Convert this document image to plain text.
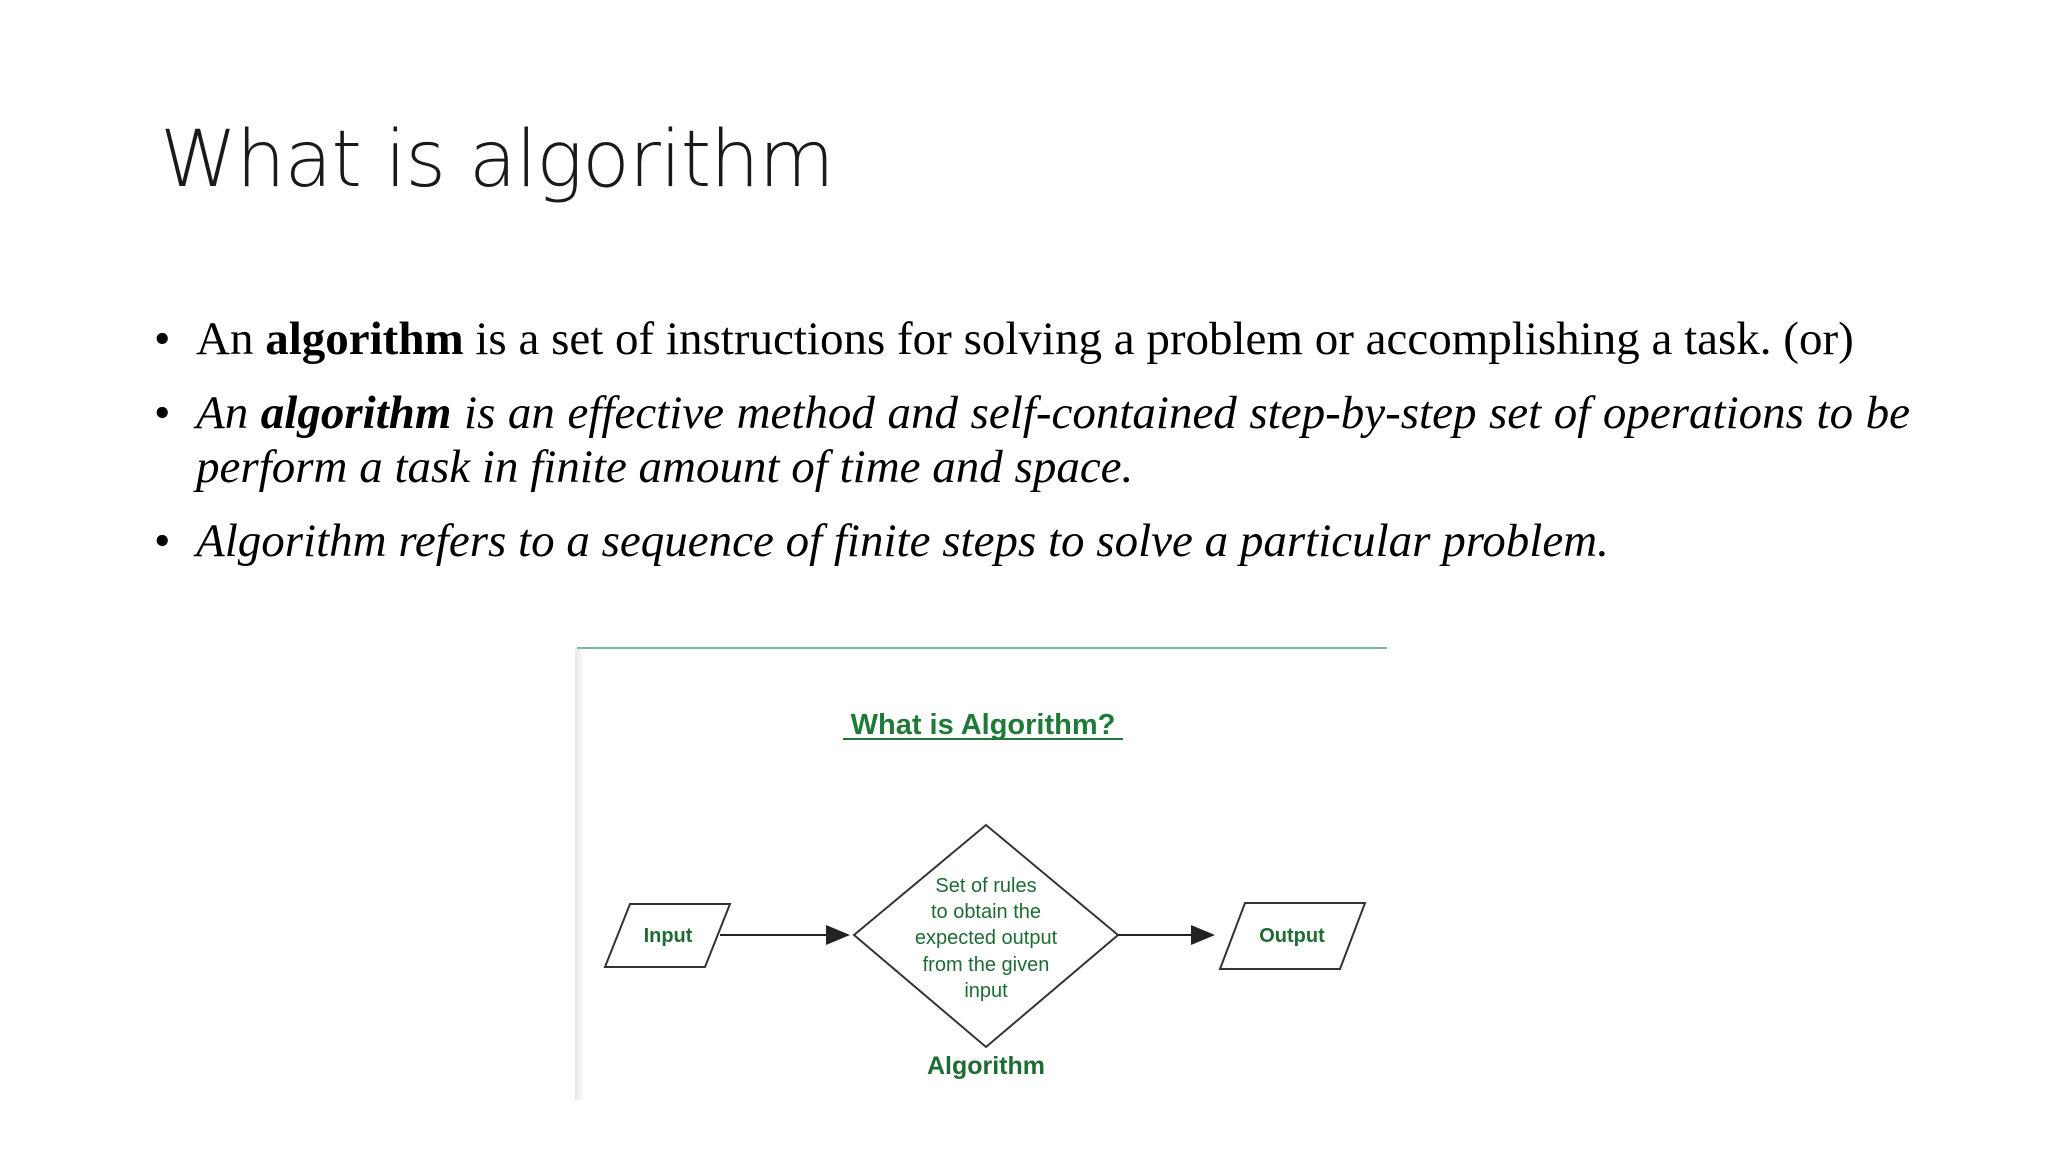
What is algorithm
• An algorithm is a set of instructions for solving a problem or accomplishing a task. (or)
• An algorithm is an effective method and self-contained step-by-step set of operations to be perform a task in finite amount of time and space.
• Algorithm refers to a sequence of finite steps to solve a particular problem.
What is Algorithm?
Input
Set of rules
to obtain the
expected output
from the given
input
Output
Algorithm
